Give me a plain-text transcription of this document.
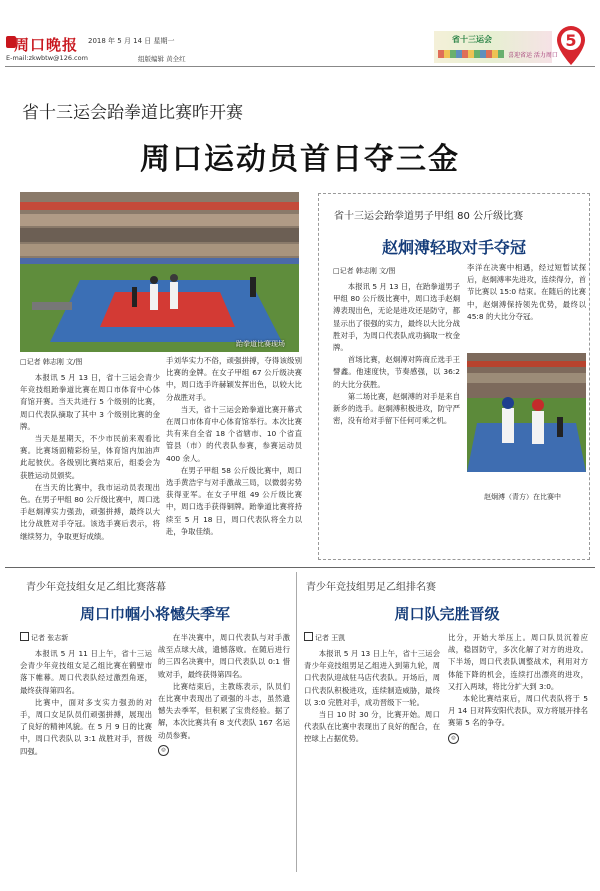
周口晚报 2018 年 5 月 14 日 星期一
E-mail:zkwbtw@126.com	组版编辑 黄全红
省十三运会
喜迎省运 活力周口
5
省十三运会跆拳道比赛昨开赛
周口运动员首日夺三金
跆拳道比赛现场
□记者 韩志刚 文/图

本报讯 5 月 13 日，省十三运会青少年竞技组跆拳道比赛在周口市体育中心体育馆开赛。当天共进行 5 个级别的比赛，周口代表队摘取了其中 3 个级别比赛的金牌。

当天是星期天，不少市民前来观看比赛。比赛场面精彩纷呈，体育馆内加油声此起彼伏。各级别比赛结束后，组委会为获胜运动员颁奖。

在当天的比赛中，我市运动员表现出色。在男子甲组 80 公斤级比赛中，周口选手赵炯溥实力强劲，顽强拼搏，最终以大比分战胜对手夺冠。该选手赛后表示，将继续努力，争取更好成绩。

手刘华实力不俗，顽强拼搏，夺得该级别比赛的金牌。在女子甲组 67 公斤级决赛中，周口选手许赫颖发挥出色，以较大比分战胜对手。

当天，省十三运会跆拳道比赛开幕式在周口市体育中心体育馆举行。本次比赛共有来自全省 18 个省辖市、10 个省直管县（市）的代表队参赛，参赛运动员 400 余人。

在男子甲组 58 公斤级比赛中，周口选手黄浩宇与对手激战三局，以微弱劣势获得亚军。在女子甲组 49 公斤级比赛中，周口选手获得铜牌。跆拳道比赛将持续至 5 月 18 日，周口代表队将全力以赴，争取佳绩。

省十三运会跆拳道男子甲组 80 公斤级比赛
赵炯溥轻取对手夺冠
□记者 韩志刚 文/图

本报讯 5 月 13 日，在跆拳道男子甲组 80 公斤级比赛中，周口选手赵炯溥表现出色，无论是进攻还是防守，都显示出了很强的实力，最终以大比分战胜对手，为周口代表队成功摘取一枚金牌。

首场比赛，赵炯溥对阵商丘选手王譬鑫。他速度快，节奏感强，以 36:2 的大比分获胜。

第二场比赛，赵炯溥的对手是来自新乡的选手。赵炯溥积极进攻，防守严密，没有给对手留下任何可乘之机。

李洋在决赛中相遇，经过短暂试探后，赵炯溥率先进攻，连续得分，首节比赛以 15:0 结束。在随后的比赛中，赵炯溥保持领先优势，最终以 45:8 的大比分夺冠。

赵炯溥（青方）在比赛中
青少年竞技组女足乙组比赛落幕
周口巾帼小将憾失季军
记者 张志新

本报讯 5 月 11 日上午，省十三运会青少年竞技组女足乙组比赛在鹤壁市落下帷幕。周口代表队经过激烈角逐，最终获得第四名。

比赛中，面对多支实力强劲的对手，周口女足队员们顽强拼搏，展现出了良好的精神风貌。在 5 月 9 日的比赛中，周口代表队以 3:1 战胜对手，晋级四强。

在半决赛中，周口代表队与对手激战至点球大战，遗憾落败。在随后进行的三四名决赛中，周口代表队以 0:1 惜败对手，最终获得第四名。

比赛结束后，主教练表示，队员们在比赛中表现出了顽强的斗志，虽然遗憾失去季军，但积累了宝贵经验。据了解，本次比赛共有 8 支代表队 167 名运动员参赛。

◎
青少年竞技组男足乙组排名赛
周口队完胜晋级
记者 王凯

本报讯 5 月 13 日上午，省十三运会青少年竞技组男足乙组进入到第九轮，周口代表队迎战驻马店代表队。开场后，周口代表队积极进攻，连续制造威胁，最终以 3:0 完胜对手，成功晋级下一轮。

当日 10 时 30 分，比赛开始。周口代表队在比赛中表现出了良好的配合，在控球上占据优势。

比分，开始大举压上。周口队员沉着应战，稳固防守，多次化解了对方的进攻。下半场，周口代表队调整战术，利用对方体能下降的机会，连续打出漂亮的进攻，又打入两球，将比分扩大到 3:0。

本轮比赛结束后，周口代表队将于 5 月 14 日对阵安阳代表队，双方将展开排名赛第 5 名的争夺。

◎
